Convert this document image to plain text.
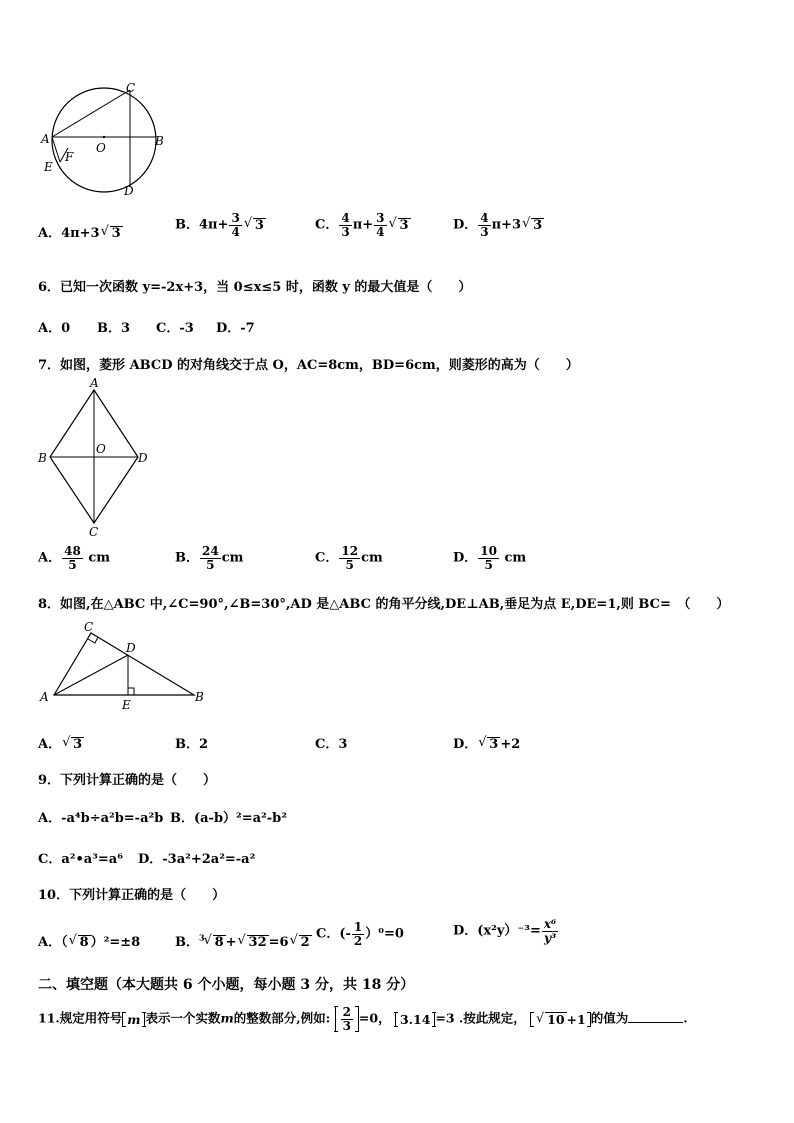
A	B
C
D
E
F
O
A．4π+3√ 3
B．$4\pi+ \frac{3}{4}$
√ 3	C． $\frac{4}{3} \pi+ \frac{3}{4}$
√ 3	D． $\frac{4}{3} \pi+3√$ 3
6．已知一次函数 y=-2x+3，当 0≤x≤5 时，函数 y 的最大值是（　　）
A．0 B．3 C．-3 D．-7
7．如图，菱形 ABCD 的对角线交于点 O，AC=8cm，BD=6cm，则菱形的高为（　　）
A
B
C
D
O
A． $\frac{48}{5}$ cm	B． $\frac{24}{5}$ cm	C． $\frac{12}{5}$ cm	D． $\frac{10}{5}$ cm
8．如图,在△ABC 中,∠C=90°,∠B=30°,AD 是△ABC 的角平分线,DE⊥AB,垂足为点 E,DE=1,则 BC=　（　　）
A	B
C
D
E
A．√ 3	B．2	C．3	D．√ 3 +2
9．下列计算正确的是（　　）
A．-a⁴b÷a²b=-a²b B．(a-b）²=a²-b²
C．a²•a³=a⁶ D．-3a²+2a²=-a²
10．下列计算正确的是（　　）
A．（√ 8 ）²=±8	B．$^3$√ 8 +√ 32 =6√ 2
C．(- $\frac{1}{2} )^0=0$	D．$(x^2y)^{-3}= \frac{\text{x⁶}}{\text{y³}}$
二、填空题（本大题共 6 个小题，每小题 3 分，共 18 分）
11.规定用符号 m 表示一个实数m的整数部分,例如: $\frac{2}{3} =0$， 3.14 =3 .按此规定， √ 10 +1 的值为	.
